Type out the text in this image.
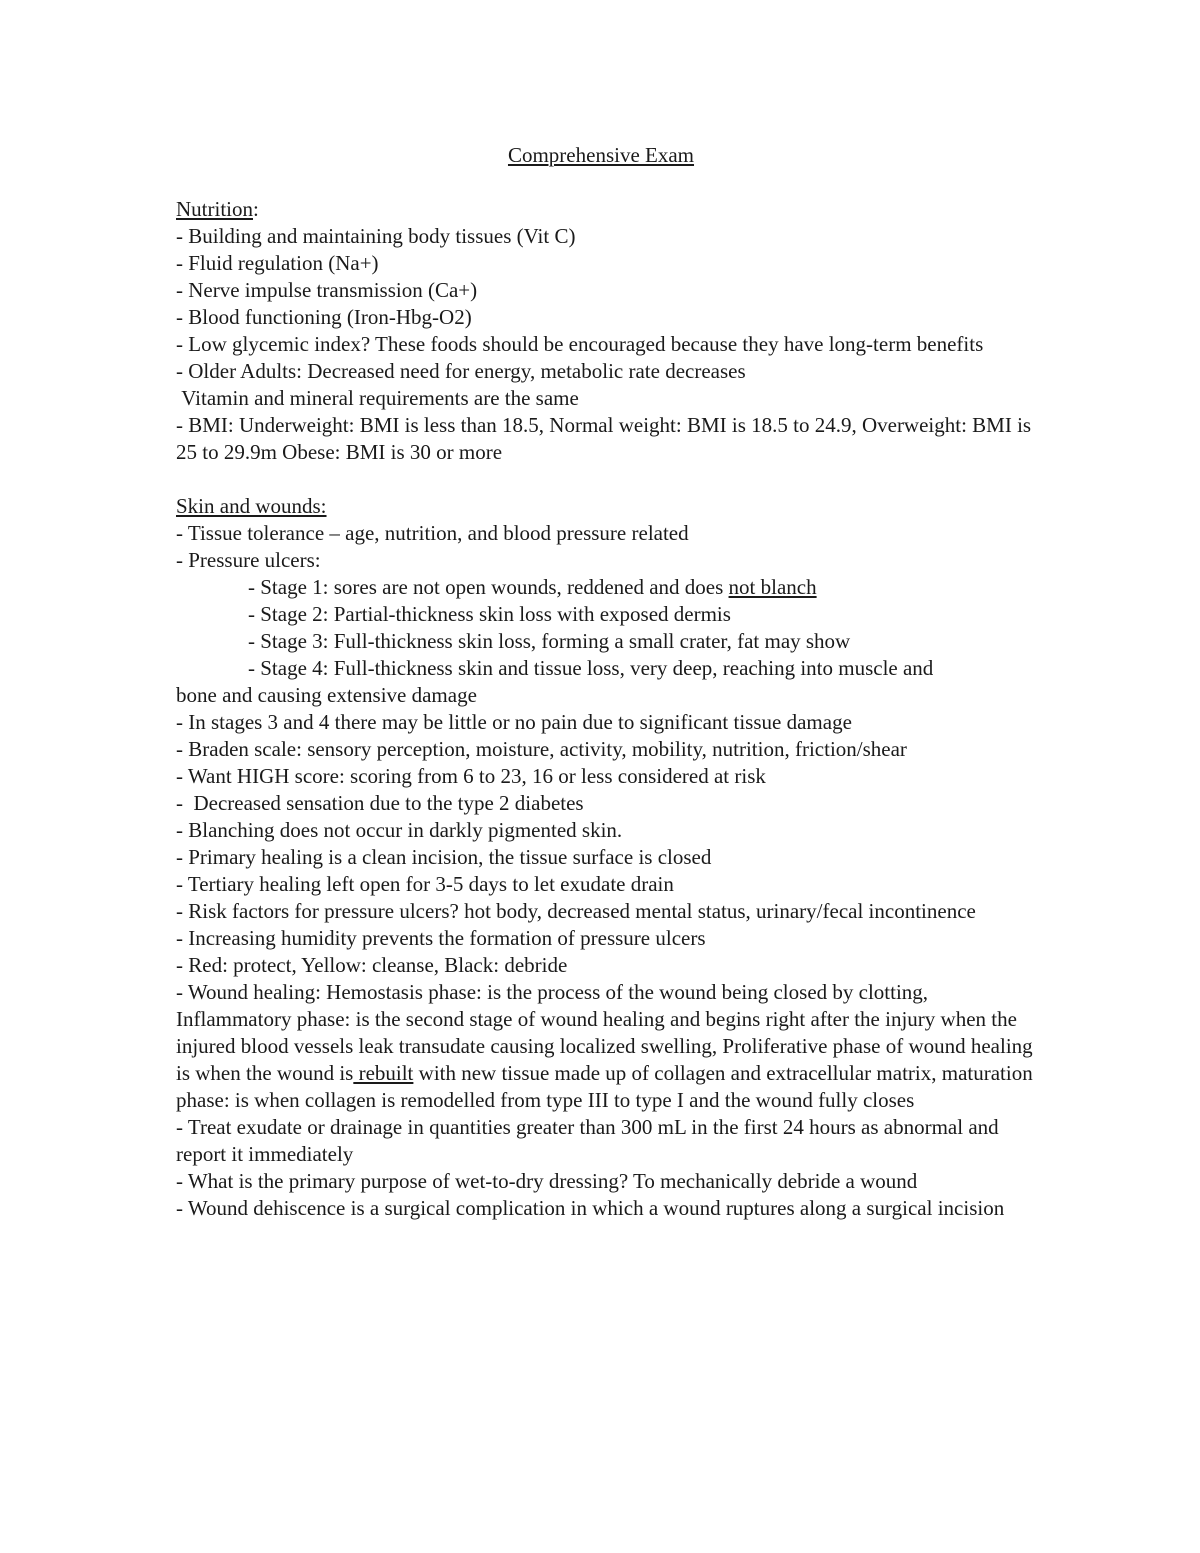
Comprehensive Exam
Nutrition:
- Building and maintaining body tissues (Vit C)
- Fluid regulation (Na+)
- Nerve impulse transmission (Ca+)
- Blood functioning (Iron-Hbg-O2)
- Low glycemic index? These foods should be encouraged because they have long-term benefits
- Older Adults: Decreased need for energy, metabolic rate decreases
Vitamin and mineral requirements are the same
- BMI: Underweight: BMI is less than 18.5, Normal weight: BMI is 18.5 to 24.9, Overweight: BMI is 25 to 29.9m Obese: BMI is 30 or more
Skin and wounds:
- Tissue tolerance – age, nutrition, and blood pressure related
- Pressure ulcers:
- Stage 1: sores are not open wounds, reddened and does not blanch
- Stage 2: Partial-thickness skin loss with exposed dermis
- Stage 3: Full-thickness skin loss, forming a small crater, fat may show
- Stage 4: Full-thickness skin and tissue loss, very deep, reaching into muscle and
bone and causing extensive damage
- In stages 3 and 4 there may be little or no pain due to significant tissue damage
- Braden scale: sensory perception, moisture, activity, mobility, nutrition, friction/shear
- Want HIGH score: scoring from 6 to 23, 16 or less considered at risk
-  Decreased sensation due to the type 2 diabetes
- Blanching does not occur in darkly pigmented skin.
- Primary healing is a clean incision, the tissue surface is closed
- Tertiary healing left open for 3-5 days to let exudate drain
- Risk factors for pressure ulcers? hot body, decreased mental status, urinary/fecal incontinence
- Increasing humidity prevents the formation of pressure ulcers
- Red: protect, Yellow: cleanse, Black: debride
- Wound healing: Hemostasis phase: is the process of the wound being closed by clotting, Inflammatory phase: is the second stage of wound healing and begins right after the injury when the injured blood vessels leak transudate causing localized swelling, Proliferative phase of wound healing is when the wound is rebuilt with new tissue made up of collagen and extracellular matrix, maturation phase: is when collagen is remodelled from type III to type I and the wound fully closes
- Treat exudate or drainage in quantities greater than 300 mL in the first 24 hours as abnormal and report it immediately
- What is the primary purpose of wet-to-dry dressing? To mechanically debride a wound
- Wound dehiscence is a surgical complication in which a wound ruptures along a surgical incision
